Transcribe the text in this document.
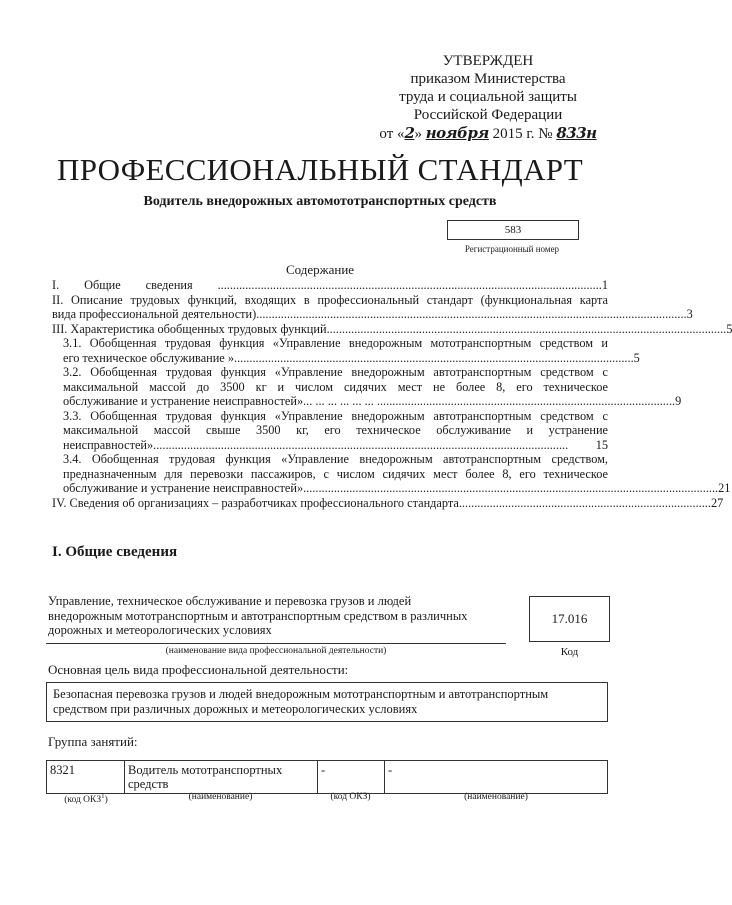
УТВЕРЖДЕН
приказом Министерства
труда и социальной защиты
Российской Федерации
от «2» ноября 2015 г. № 833н
ПРОФЕССИОНАЛЬНЫЙ СТАНДАРТ
Водитель внедорожных автомототранспортных средств
583
Регистрационный номер
Содержание
I. Общие сведения .............................................................................................................................1
II. Описание трудовых функций, входящих в профессиональный стандарт (функциональная карта
вида профессиональной деятельности) ............................................................................................................................................ 3
III. Характеристика обобщенных трудовых функций .................................................................................................................................. 5
3.1. Обобщенная трудовая функция «Управление внедорожным мототранспортным средством и
его техническое обслуживание » .................................................................................................................................. 5
3.2. Обобщенная трудовая функция «Управление внедорожным автотранспортным средством с
максимальной массой до 3500 кг и числом сидячих мест не более 8, его техническое
обслуживание и устранение неисправностей» ... ... ... ... ... ... ................................................................................................. 9
3.3. Обобщенная трудовая функция «Управление внедорожным автотранспортным средством с
максимальной массой свыше 3500 кг, его техническое обслуживание и устранение
неисправностей» .......................................................................................................................................	15
3.4. Обобщенная трудовая функция «Управление внедорожным автотранспортным средством,
предназначенным для перевозки пассажиров, с числом сидячих мест более 8, его техническое
обслуживание и устранение неисправностей» ....................................................................................................................................... 21
IV. Сведения об организациях – разработчиках профессионального стандарта .................................................................................. 27
I. Общие сведения
Управление, техническое обслуживание и перевозка грузов и людей
внедорожным мототранспортным и автотранспортным средством в различных
дорожных и метеорологических условиях
(наименование вида профессиональной деятельности)
17.016
Код
Основная цель вида профессиональной деятельности:
Безопасная перевозка грузов и людей внедорожным мототранспортным и автотранспортным
средством при различных дорожных и метеорологических условиях
Группа занятий:
8321	Водитель мототранспортных средств	-	-
(код ОКЗ$^1$)	(наименование)	(код ОКЗ)	(наименование)
